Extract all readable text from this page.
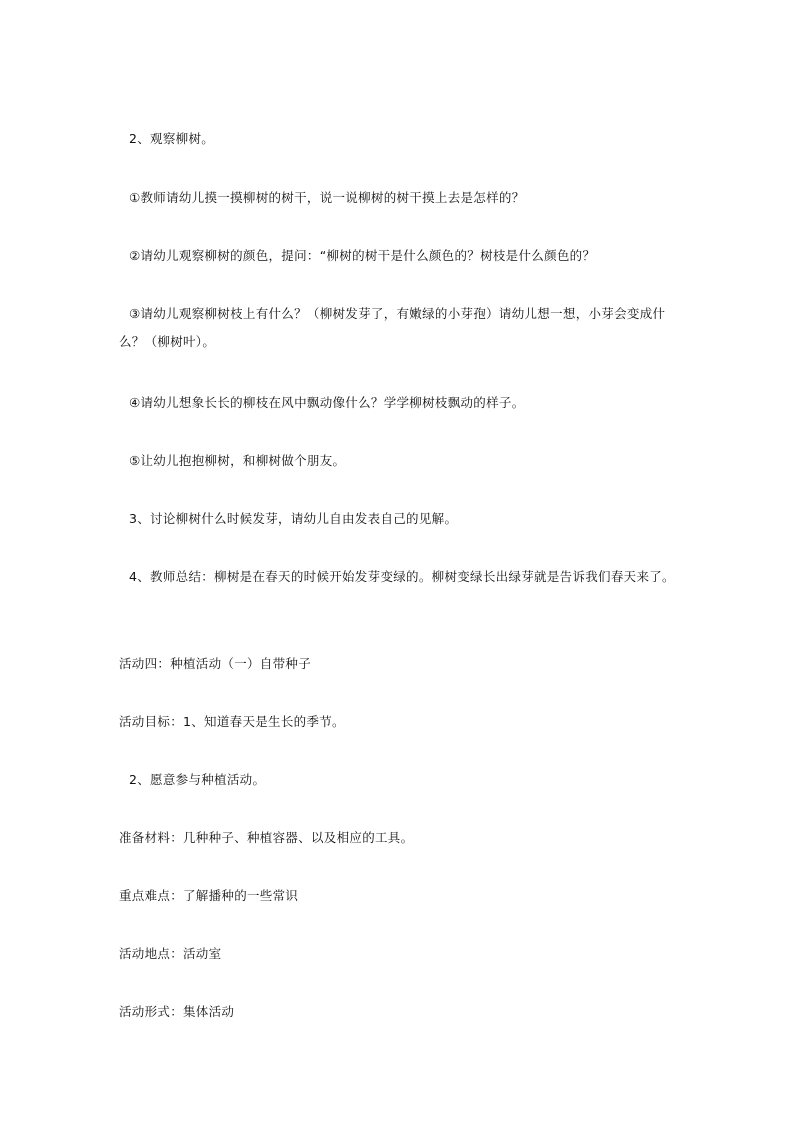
2、观察柳树。

①教师请幼儿摸一摸柳树的树干，说一说柳树的树干摸上去是怎样的？

②请幼儿观察柳树的颜色，提问：“柳树的树干是什么颜色的？树枝是什么颜色的？

③请幼儿观察柳树枝上有什么？（柳树发芽了，有嫩绿的小芽孢）请幼儿想一想，小芽会变成什么？（柳树叶）。

④请幼儿想象长长的柳枝在风中飘动像什么？学学柳树枝飘动的样子。

⑤让幼儿抱抱柳树，和柳树做个朋友。

3、讨论柳树什么时候发芽，请幼儿自由发表自己的见解。

4、教师总结：柳树是在春天的时候开始发芽变绿的。柳树变绿长出绿芽就是告诉我们春天来了。

活动四：种植活动（一）自带种子

活动目标：1、知道春天是生长的季节。

2、愿意参与种植活动。

准备材料：几种种子、种植容器、以及相应的工具。

重点难点：了解播种的一些常识

活动地点：活动室

活动形式：集体活动
